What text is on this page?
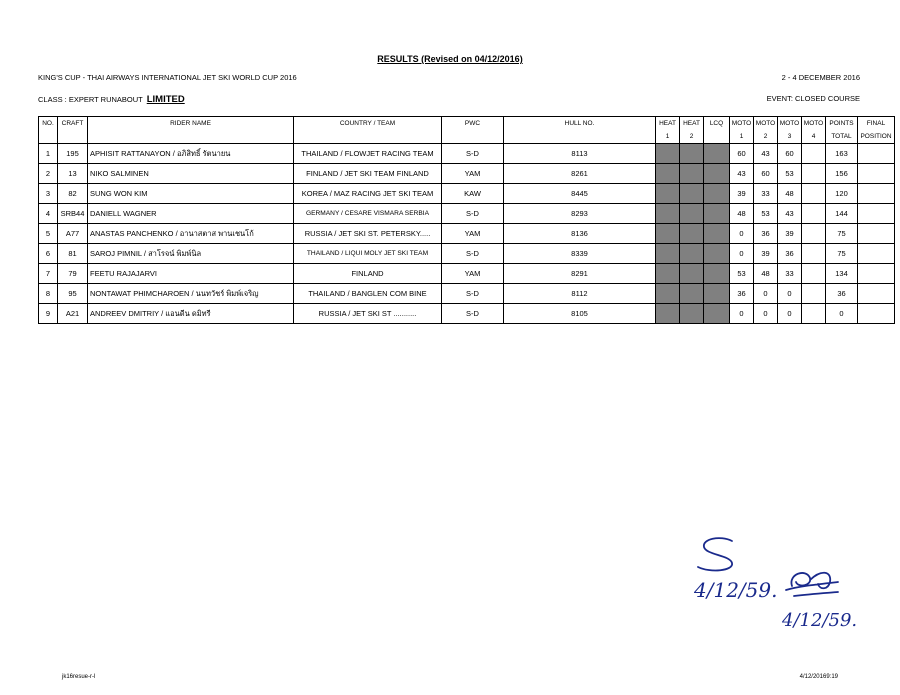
RESULTS (Revised on 04/12/2016)
KING'S CUP - THAI AIRWAYS INTERNATIONAL JET SKI WORLD CUP 2016	2 - 4 DECEMBER 2016
CLASS : EXPERT RUNABOUT LIMITED	EVENT: CLOSED COURSE
NO.	CRAFT	RIDER NAME	COUNTRY / TEAM	PWC	HULL NO.	HEAT	HEAT	LCQ	MOTO	MOTO	MOTO	MOTO	POINTS	FINAL
						1	2		1	2	3	4	TOTAL	POSITION
1	195	APHISIT RATTANAYON / อภิสิทธิ์ รัตนายน	THAILAND / FLOWJET RACING TEAM	S-D	8113				60	43	60		163	
2	13	NIKO SALMINEN	FINLAND / JET SKI TEAM FINLAND	YAM	8261				43	60	53		156	
3	82	SUNG WON KIM	KOREA / MAZ RACING JET SKI TEAM	KAW	8445				39	33	48		120	
4	SRB44	DANIELL WAGNER	GERMANY / CESARE VISMARA SERBIA	S-D	8293				48	53	43		144	
5	A77	ANASTAS PANCHENKO / อานาสตาส พานเชนโก้	RUSSIA / JET SKI ST. PETERSKY.....	YAM	8136				0	36	39		75	
6	81	SAROJ PIMNIL / สาโรจน์ พิมพ์นิล	THAILAND / LIQUI MOLY JET SKI TEAM	S-D	8339				0	39	36		75	
7	79	FEETU RAJAJARVI	FINLAND	YAM	8291				53	48	33		134	
8	95	NONTAWAT PHIMCHAROEN / นนทวัชร์ พิมพ์เจริญ	THAILAND / BANGLEN COM BINE	S-D	8112				36	0	0		36	
9	A21	ANDREEV DMITRIY / แอนดีน ดมิทรี	RUSSIA / JET SKI ST ...........	S-D	8105				0	0	0		0	
4/12/59.
4/12/59.
jk16resue-r-l	4/12/20169:19
